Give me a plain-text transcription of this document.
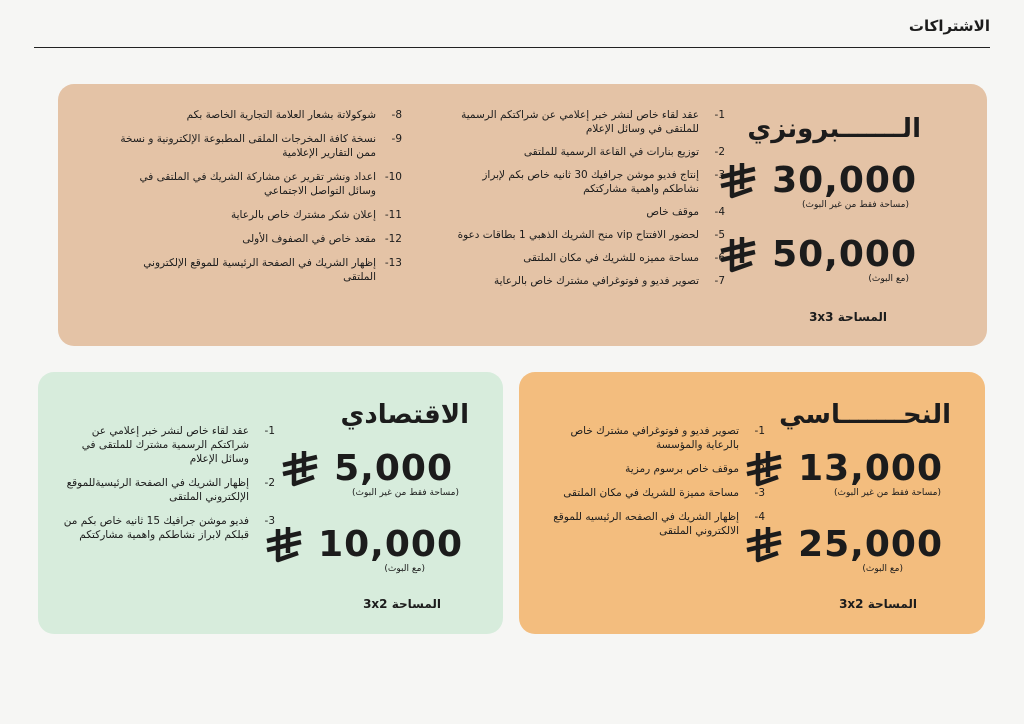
الاشتراكات
الـــــــبرونزي
30,000
(مساحة فقط من غير البوث)
50,000
(مع البوث)
المساحة 3x3
1-
عقد لقاء خاص لنشر خبر إعلامي عن شراكتكم الرسمية للملتقى في وسائل الإعلام
2-
توزيع بنارات في القاعة الرسمية للملتقى
3-
إنتاج فديو موشن جرافيك 30 ثانيه خاص بكم لإبراز نشاطكم واهمية مشاركتكم
4-
موقف خاص
5-
لحضور الافتتاح vip منح الشريك الذهبي 1 بطاقات دعوة
6-
مساحة مميزه للشريك في مكان الملتقى
7-
تصوير فديو و فوتوغرافي مشترك خاص بالرعاية
8-
شوكولاتة بشعار العلامة التجارية الخاصة بكم
9-
نسخة كافة المخرجات الملقى المطبوعة الإلكترونية و نسخة ممن التقارير الإعلامية
10-
اعداد ونشر تقرير عن مشاركة الشريك في الملتقى في وسائل التواصل الاجتماعي
11-
إعلان شكر مشترك خاص بالرعاية
12-
مقعد خاص في الصفوف الأولى
13-
إظهار الشريك في الصفحة الرئيسية للموقع الإلكتروني الملتقى
النحـــــــاسي
13,000
(مساحة فقط من غير البوث)
25,000
(مع البوث)
المساحة 3x2
1-
تصوير فديو و فوتوغرافي مشترك خاص بالرعاية والمؤسسة
2-
موقف خاص برسوم رمزية
3-
مساحة مميزة للشريك في مكان الملتقى
4-
إظهار الشريك في الصفحه الرئيسيه للموقع الالكتروني الملتقى
الاقتصادي
5,000
(مساحة فقط من غير البوث)
10,000
(مع البوث)
المساحة 3x2
1-
عقد لقاء خاص لنشر خبر إعلامي عن شراكتكم الرسمية مشترك للملتقى في وسائل الإعلام
2-
إظهار الشريك في الصفحة الرئيسيةللموقع الإلكتروني الملتقى
3-
فديو موشن جرافيك 15 ثانيه خاص بكم من قبلكم لابراز نشاطكم واهمية مشاركتكم
